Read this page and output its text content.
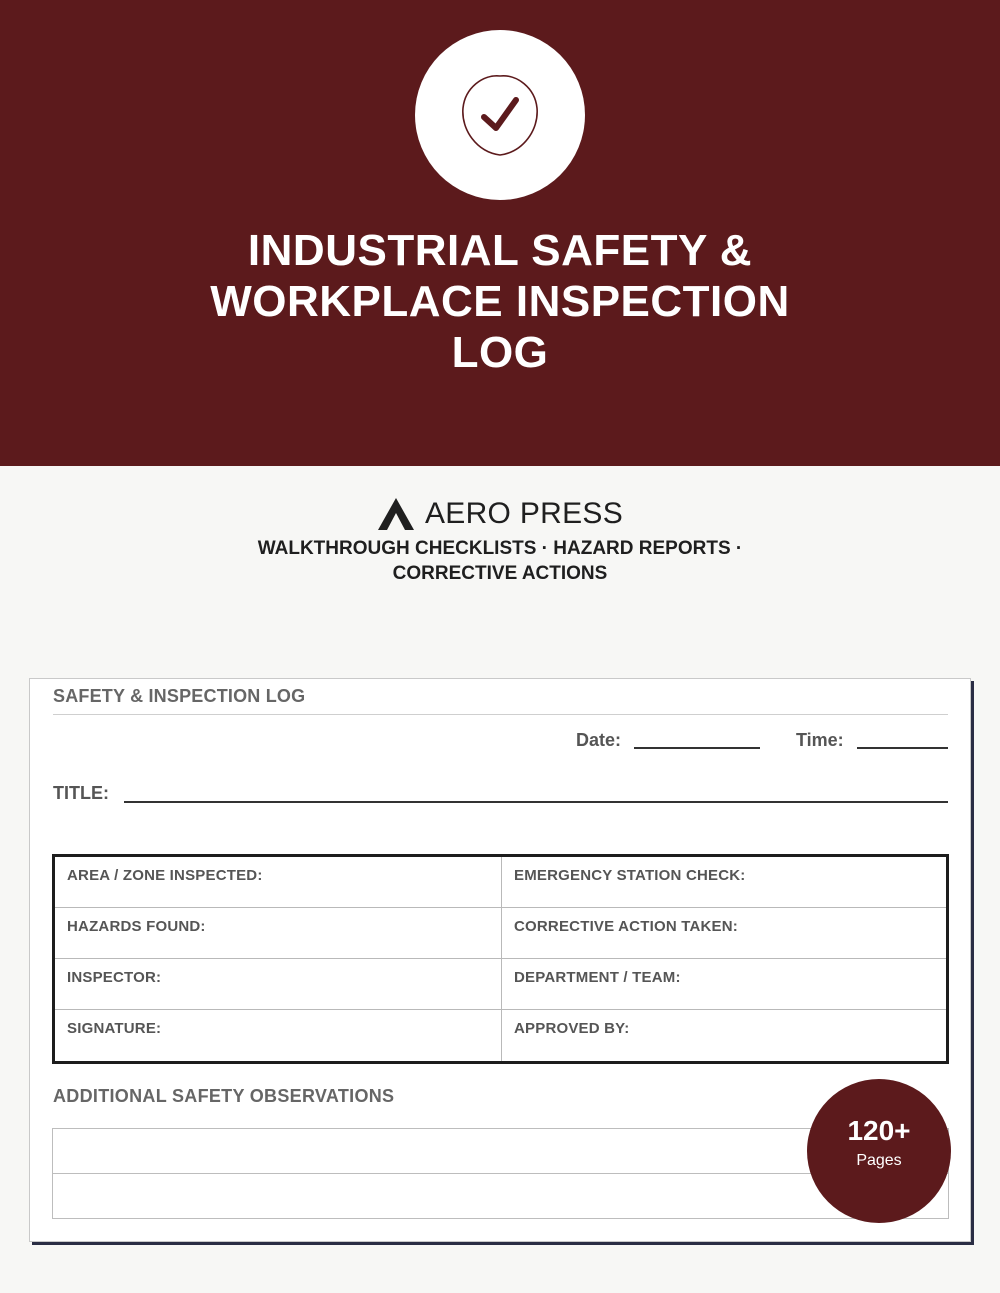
INDUSTRIAL SAFETY &
WORKPLACE INSPECTION
LOG
AERO PRESS
WALKTHROUGH CHECKLISTS · HAZARD REPORTS ·
CORRECTIVE ACTIONS
SAFETY & INSPECTION LOG
Date:	Time:
TITLE:
AREA / ZONE INSPECTED:	EMERGENCY STATION CHECK:
HAZARDS FOUND:	CORRECTIVE ACTION TAKEN:
INSPECTOR:	DEPARTMENT / TEAM:
SIGNATURE:	APPROVED BY:
ADDITIONAL SAFETY OBSERVATIONS
120+
Pages
